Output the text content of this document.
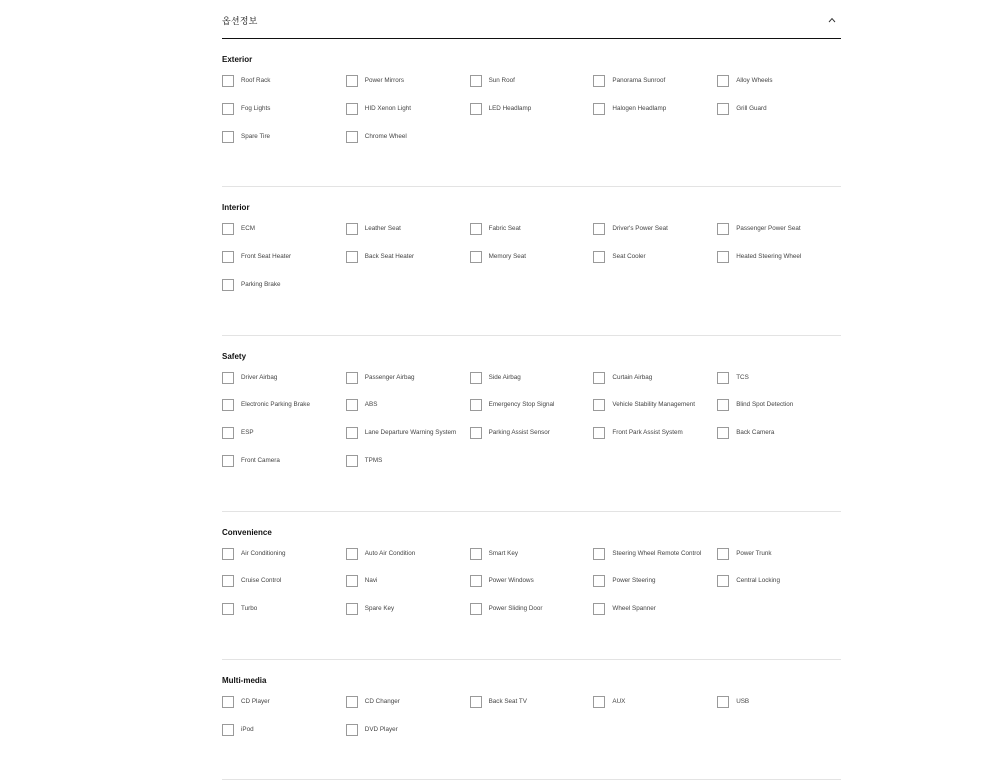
옵션정보
Exterior
Roof Rack	Power Mirrors	Sun Roof	Panorama Sunroof	Alloy Wheels
Fog Lights	HID Xenon Light	LED Headlamp	Halogen Headlamp	Grill Guard
Spare Tire	Chrome Wheel
Interior
ECM	Leather Seat	Fabric Seat	Driver's Power Seat	Passenger Power Seat
Front Seat Heater	Back Seat Heater	Memory Seat	Seat Cooler	Heated Steering Wheel
Parking Brake
Safety
Driver Airbag	Passenger Airbag	Side Airbag	Curtain Airbag	TCS
Electronic Parking Brake	ABS	Emergency Stop Signal	Vehicle Stability Management	Blind Spot Detection
ESP	Lane Departure Warning System	Parking Assist Sensor	Front Park Assist System	Back Camera
Front Camera	TPMS
Convenience
Air Conditioning	Auto Air Condition	Smart Key	Steering Wheel Remote Control	Power Trunk
Cruise Control	Navi	Power Windows	Power Steering	Central Locking
Turbo	Spare Key	Power Sliding Door	Wheel Spanner
Multi-media
CD Player	CD Changer	Back Seat TV	AUX	USB
iPod	DVD Player
